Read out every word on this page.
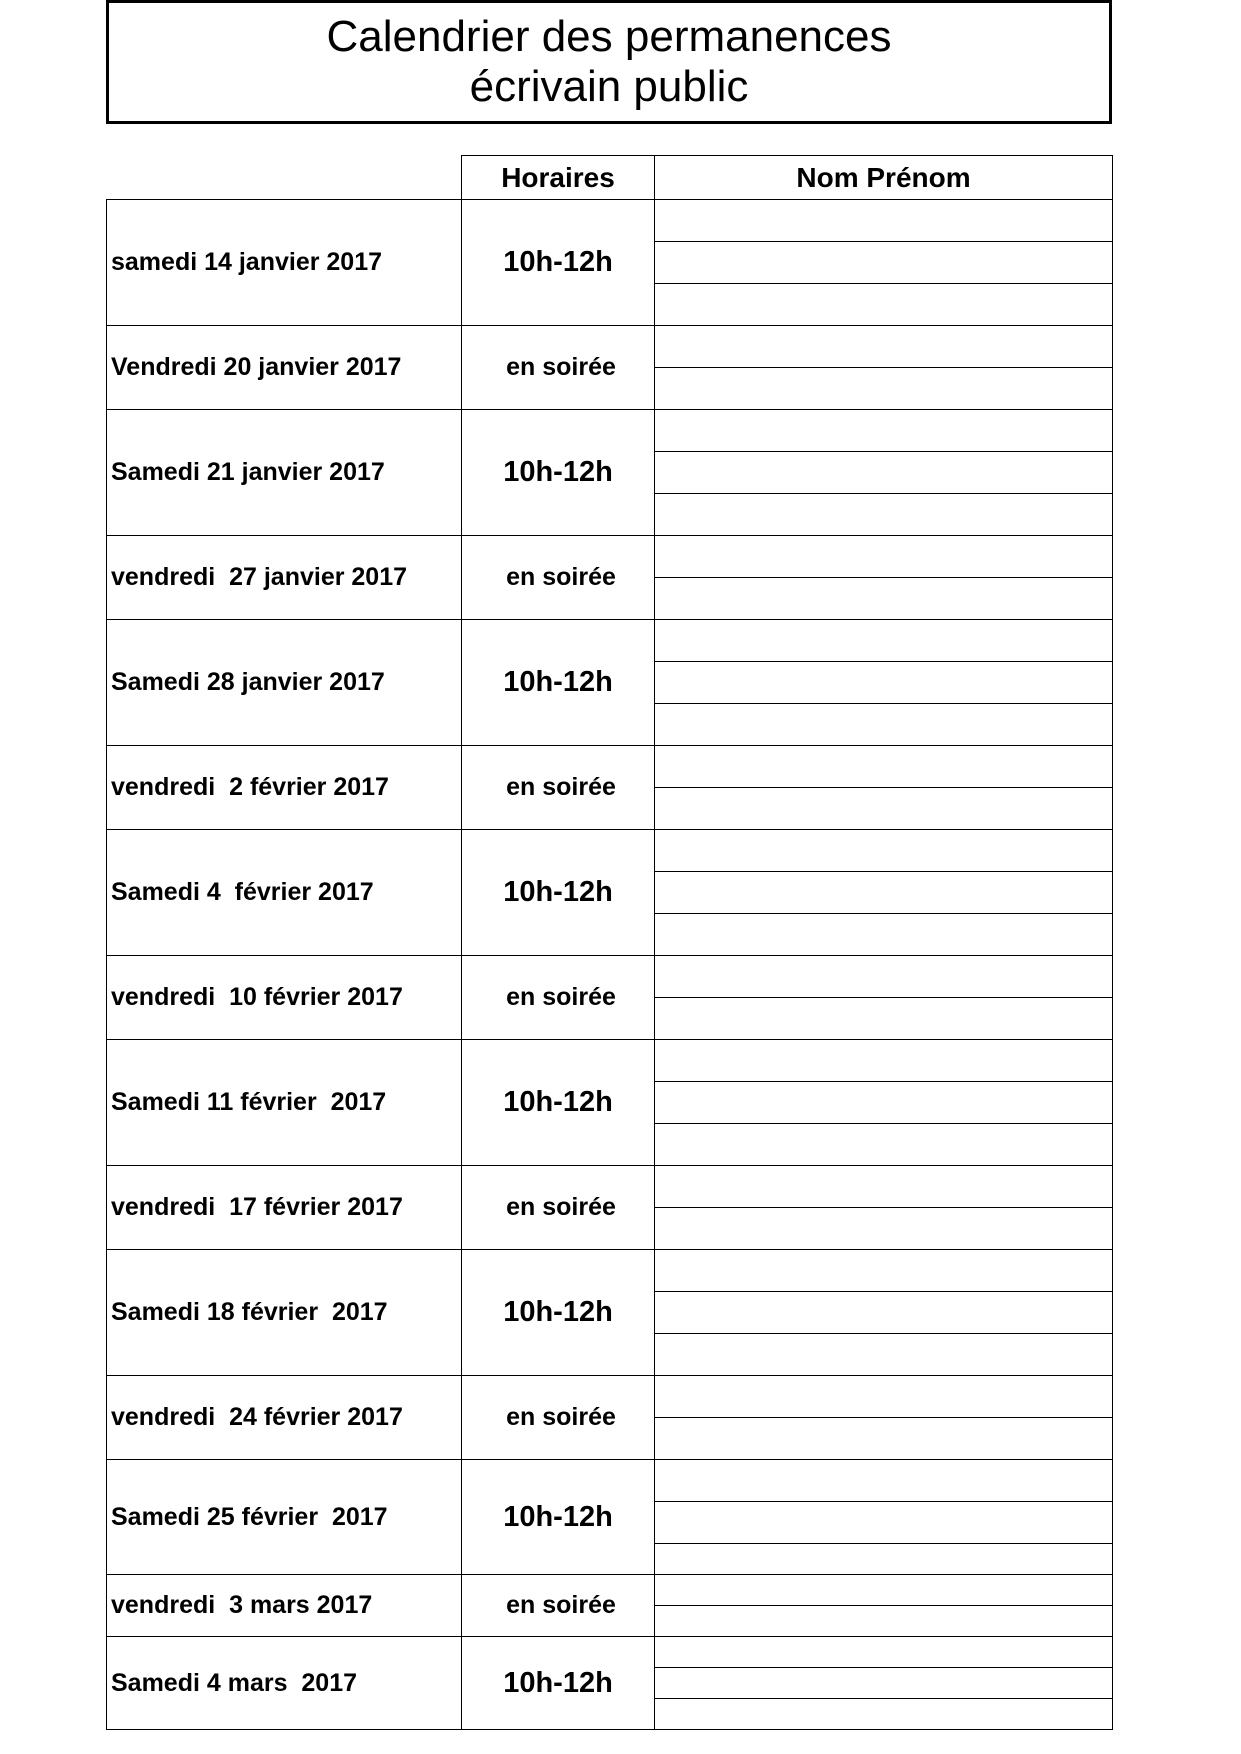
Calendrier des permanences
écrivain public
	Horaires	Nom Prénom
samedi 14 janvier 2017	10h-12h	

Vendredi 20 janvier 2017	en soirée	

Samedi 21 janvier 2017	10h-12h	

vendredi  27 janvier 2017	en soirée	

Samedi 28 janvier 2017	10h-12h	

vendredi  2 février 2017	en soirée	

Samedi 4  février 2017	10h-12h	

vendredi  10 février 2017	en soirée	

Samedi 11 février  2017	10h-12h	

vendredi  17 février 2017	en soirée	

Samedi 18 février  2017	10h-12h	

vendredi  24 février 2017	en soirée	

Samedi 25 février  2017	10h-12h	

vendredi  3 mars 2017	en soirée	

Samedi 4 mars  2017	10h-12h	
